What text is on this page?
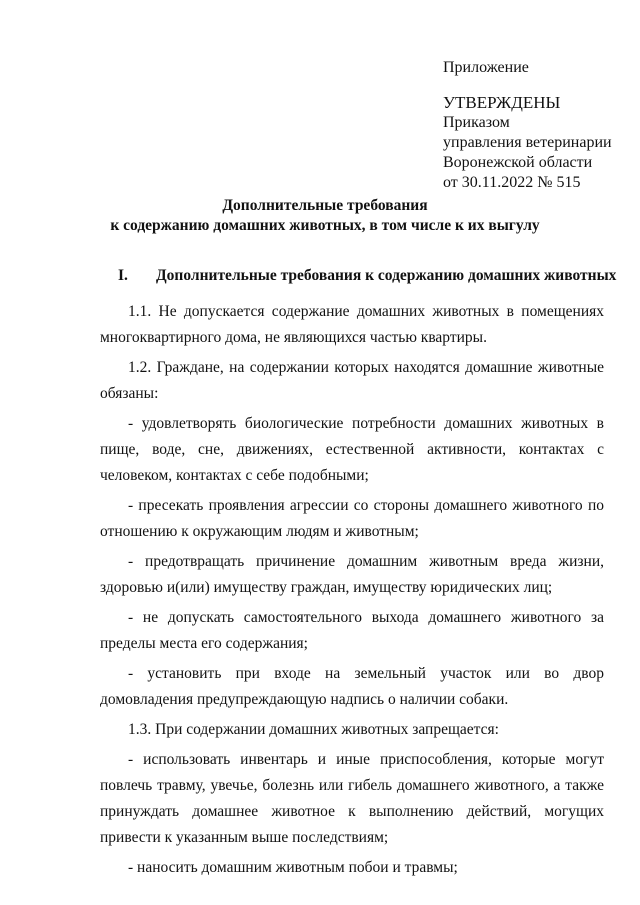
Приложение
УТВЕРЖДЕНЫ
Приказом
управления ветеринарии
Воронежской области
от 30.11.2022 № 515
Дополнительные требования
к содержанию домашних животных, в том числе к их выгулу
I. Дополнительные требования к содержанию домашних животных

1.1. Не допускается содержание домашних животных в помещениях многоквартирного дома, не являющихся частью квартиры.

1.2. Граждане, на содержании которых находятся домашние животные обязаны:

- удовлетворять биологические потребности домашних животных в пище, воде, сне, движениях, естественной активности, контактах с человеком, контактах с себе подобными;

- пресекать проявления агрессии со стороны домашнего животного по отношению к окружающим людям и животным;

- предотвращать причинение домашним животным вреда жизни, здоровью и(или) имуществу граждан, имуществу юридических лиц;

- не допускать самостоятельного выхода домашнего животного за пределы места его содержания;

- установить при входе на земельный участок или во двор домовладения предупреждающую надпись о наличии собаки.

1.3. При содержании домашних животных запрещается:

- использовать инвентарь и иные приспособления, которые могут повлечь травму, увечье, болезнь или гибель домашнего животного, а также принуждать домашнее животное к выполнению действий, могущих привести к указанным выше последствиям;

- наносить домашним животным побои и травмы;
